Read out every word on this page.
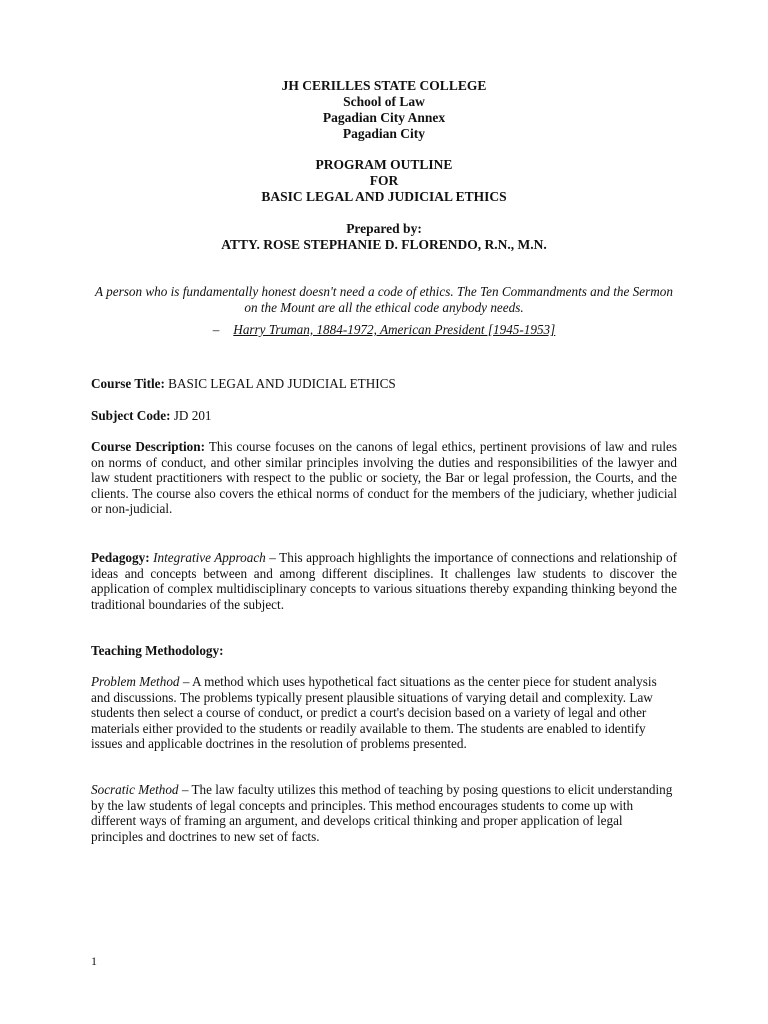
JH CERILLES STATE COLLEGE
School of Law
Pagadian City Annex
Pagadian City
PROGRAM OUTLINE
FOR
BASIC LEGAL AND JUDICIAL ETHICS
Prepared by:
ATTY. ROSE STEPHANIE D. FLORENDO, R.N., M.N.
A person who is fundamentally honest doesn't need a code of ethics. The Ten Commandments and the Sermon on the Mount are all the ethical code anybody needs.
– Harry Truman, 1884-1972, American President [1945-1953]
Course Title: BASIC LEGAL AND JUDICIAL ETHICS
Subject Code: JD 201
Course Description: This course focuses on the canons of legal ethics, pertinent provisions of law and rules on norms of conduct, and other similar principles involving the duties and responsibilities of the lawyer and law student practitioners with respect to the public or society, the Bar or legal profession, the Courts, and the clients. The course also covers the ethical norms of conduct for the members of the judiciary, whether judicial or non-judicial.
Pedagogy: Integrative Approach – This approach highlights the importance of connections and relationship of ideas and concepts between and among different disciplines. It challenges law students to discover the application of complex multidisciplinary concepts to various situations thereby expanding thinking beyond the traditional boundaries of the subject.
Teaching Methodology:
Problem Method – A method which uses hypothetical fact situations as the center piece for student analysis and discussions. The problems typically present plausible situations of varying detail and complexity. Law students then select a course of conduct, or predict a court's decision based on a variety of legal and other materials either provided to the students or readily available to them. The students are enabled to identify issues and applicable doctrines in the resolution of problems presented.
Socratic Method – The law faculty utilizes this method of teaching by posing questions to elicit understanding by the law students of legal concepts and principles. This method encourages students to come up with different ways of framing an argument, and develops critical thinking and proper application of legal principles and doctrines to new set of facts.
1
